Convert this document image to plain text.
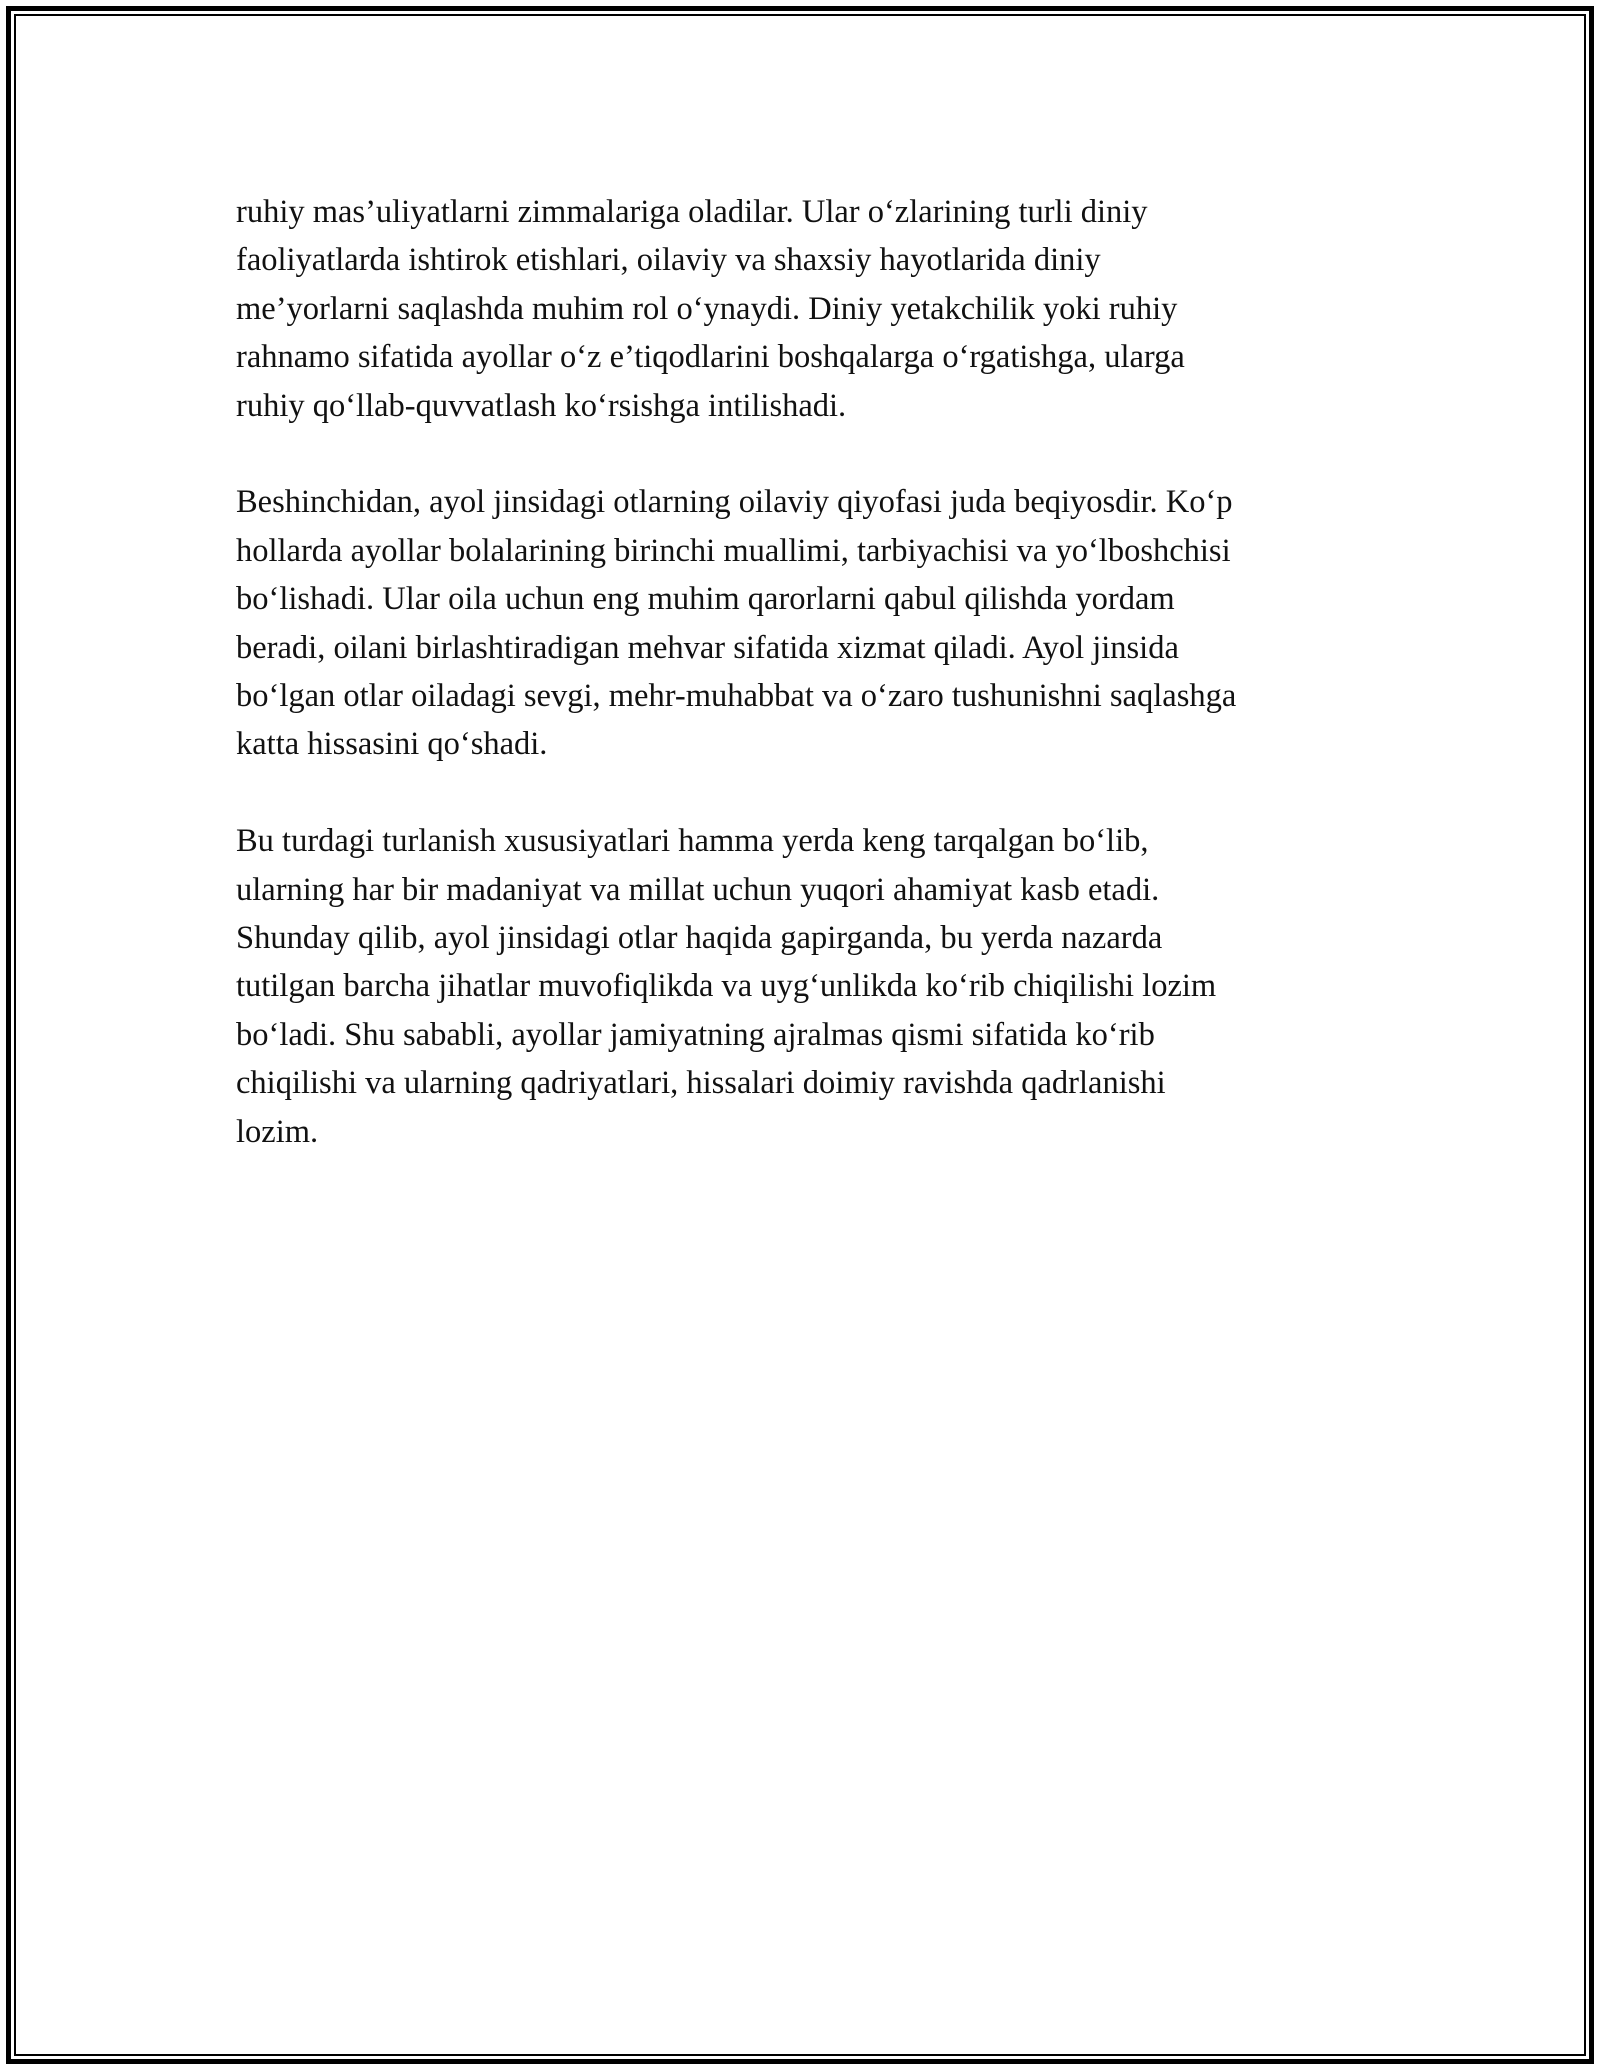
ruhiy mas’uliyatlarni zimmalariga oladilar. Ular o‘zlarining turli diniy
faoliyatlarda ishtirok etishlari, oilaviy va shaxsiy hayotlarida diniy
me’yorlarni saqlashda muhim rol o‘ynaydi. Diniy yetakchilik yoki ruhiy
rahnamo sifatida ayollar o‘z e’tiqodlarini boshqalarga o‘rgatishga, ularga
ruhiy qo‘llab-quvvatlash ko‘rsishga intilishadi.

Beshinchidan, ayol jinsidagi otlarning oilaviy qiyofasi juda beqiyosdir. Ko‘p
hollarda ayollar bolalarining birinchi muallimi, tarbiyachisi va yo‘lboshchisi
bo‘lishadi. Ular oila uchun eng muhim qarorlarni qabul qilishda yordam
beradi, oilani birlashtiradigan mehvar sifatida xizmat qiladi. Ayol jinsida
bo‘lgan otlar oiladagi sevgi, mehr-muhabbat va o‘zaro tushunishni saqlashga
katta hissasini qo‘shadi.

Bu turdagi turlanish xususiyatlari hamma yerda keng tarqalgan bo‘lib,
ularning har bir madaniyat va millat uchun yuqori ahamiyat kasb etadi.
Shunday qilib, ayol jinsidagi otlar haqida gapirganda, bu yerda nazarda
tutilgan barcha jihatlar muvofiqlikda va uyg‘unlikda ko‘rib chiqilishi lozim
bo‘ladi. Shu sababli, ayollar jamiyatning ajralmas qismi sifatida ko‘rib
chiqilishi va ularning qadriyatlari, hissalari doimiy ravishda qadrlanishi
lozim.
